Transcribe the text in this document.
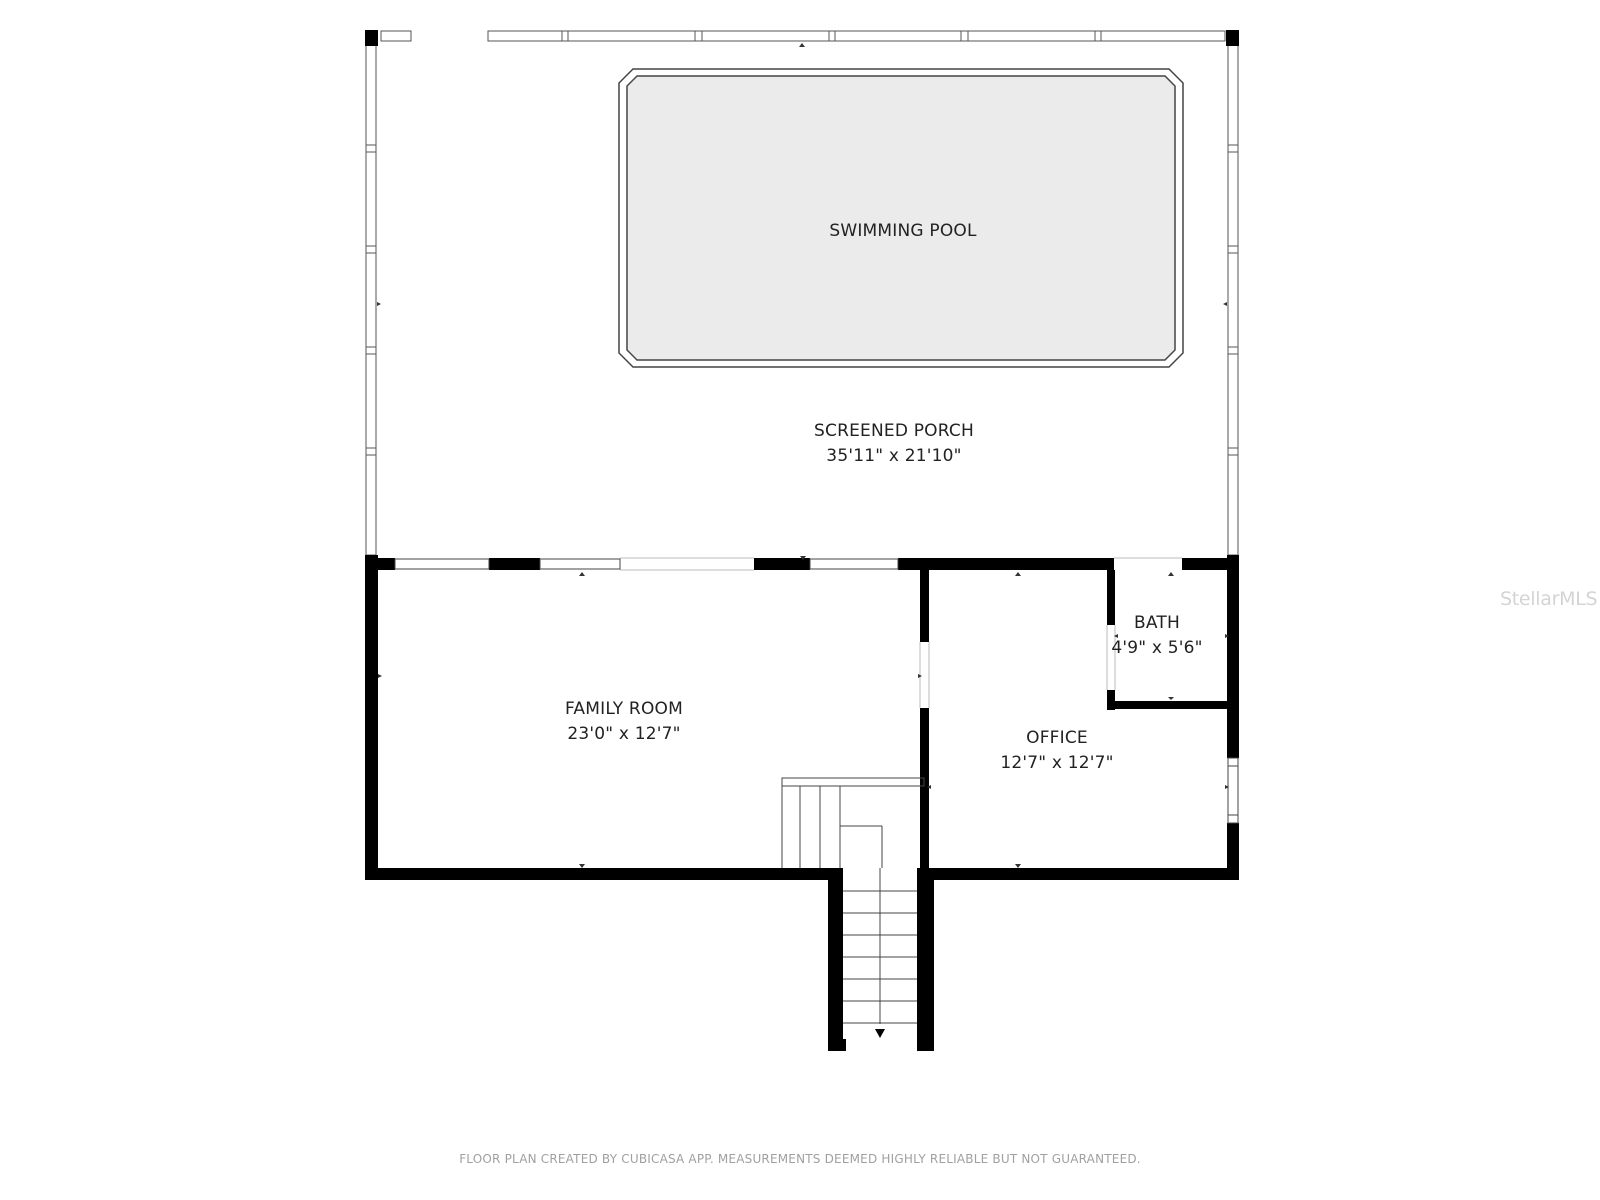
SWIMMING POOL
SCREENED PORCH
35'11" x 21'10"
FAMILY ROOM
23'0" x 12'7"	OFFICE
12'7" x 12'7"
BATH
4'9" x 5'6"
FLOOR PLAN CREATED BY CUBICASA APP. MEASUREMENTS DEEMED HIGHLY RELIABLE BUT NOT GUARANTEED.
StellarMLS
